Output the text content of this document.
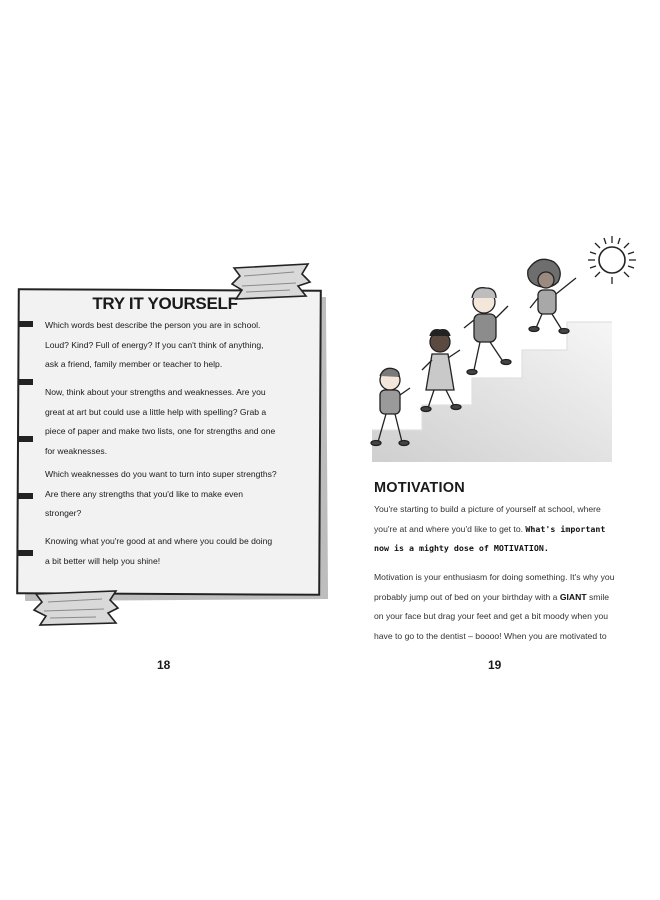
TRY IT YOURSELF

Which words best describe the person you are in school.
Loud? Kind? Full of energy? If you can't think of anything,
ask a friend, family member or teacher to help.

Now, think about your strengths and weaknesses. Are you
great at art but could use a little help with spelling? Grab a
piece of paper and make two lists, one for strengths and one
for weaknesses.

Which weaknesses do you want to turn into super strengths?
Are there any strengths that you'd like to make even
stronger?

Knowing what you're good at and where you could be doing
a bit better will help you shine!

18
MOTIVATION

You're starting to build a picture of yourself at school, where
you're at and where you'd like to get to. What's important
now is a mighty dose of MOTIVATION.

Motivation is your enthusiasm for doing something. It's why you
probably jump out of bed on your birthday with a GIANT smile
on your face but drag your feet and get a bit moody when you
have to go to the dentist – boooo! When you are motivated to

19
